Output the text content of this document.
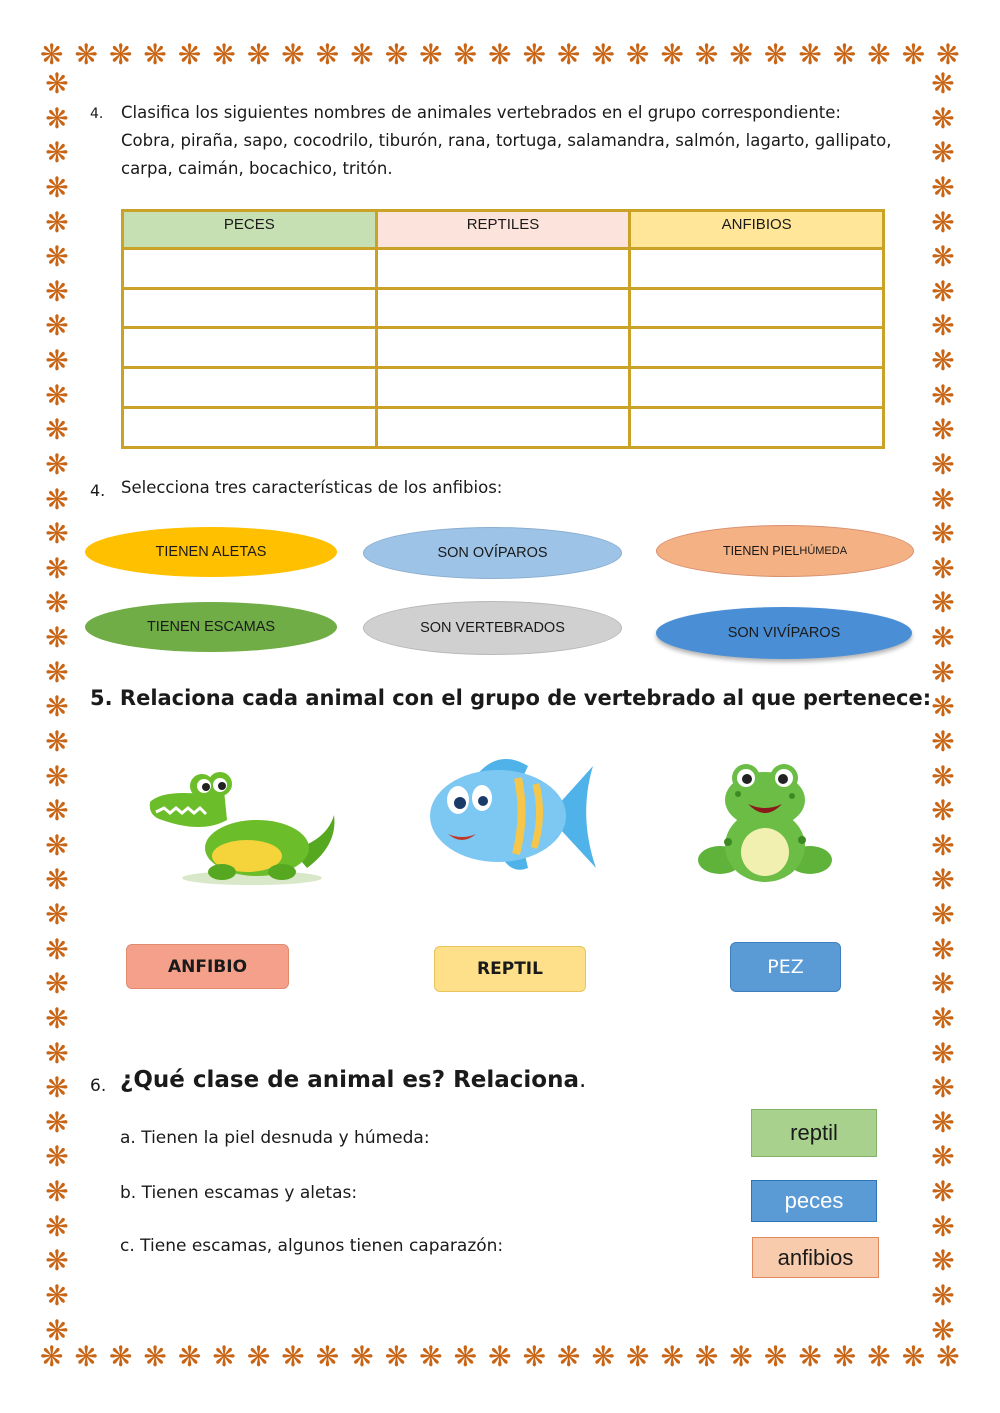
❋ ❋ ❋ ❋ ❋ ❋ ❋ ❋ ❋ ❋ ❋ ❋ ❋ ❋ ❋ ❋ ❋ ❋ ❋ ❋ ❋ ❋ ❋ ❋ ❋ ❋ ❋
❋ ❋ ❋ ❋ ❋ ❋ ❋ ❋ ❋ ❋ ❋ ❋ ❋ ❋ ❋ ❋ ❋ ❋ ❋ ❋ ❋ ❋ ❋ ❋ ❋ ❋ ❋
❋
❋
❋
❋
❋
❋
❋
❋
❋
❋
❋
❋
❋
❋
❋
❋
❋
❋
❋
❋
❋
❋
❋
❋
❋
❋
❋
❋
❋
❋
❋
❋
❋
❋
❋
❋
❋
❋
❋
❋
❋
❋
❋
❋
❋
❋
❋
❋
❋
❋
❋
❋
❋
❋
❋
❋
❋
❋
❋
❋
❋
❋
❋
❋
❋
❋
❋
❋
❋
❋
❋
❋
❋
❋
4. Clasifica los siguientes nombres de animales vertebrados en el grupo correspondiente:
Cobra, piraña, sapo, cocodrilo, tiburón, rana, tortuga, salamandra, salmón, lagarto, gallipato,
carpa, caimán, bocachico, tritón.
PECES	REPTILES	ANFIBIOS

4. Selecciona tres características de los anfibios:
TIENEN ALETAS	SON OVÍPAROS	TIENEN PIEL HÚMEDA
TIENEN ESCAMAS	SON VERTEBRADOS	SON VIVÍPAROS
5. Relaciona cada animal con el grupo de vertebrado al que pertenece:
ANFIBIO	REPTIL	PEZ
6. ¿Qué clase de animal es? Relaciona.
a. Tienen la piel desnuda y húmeda:
b. Tienen escamas y aletas:
c. Tiene escamas, algunos tienen caparazón:
reptil
peces
anfibios
